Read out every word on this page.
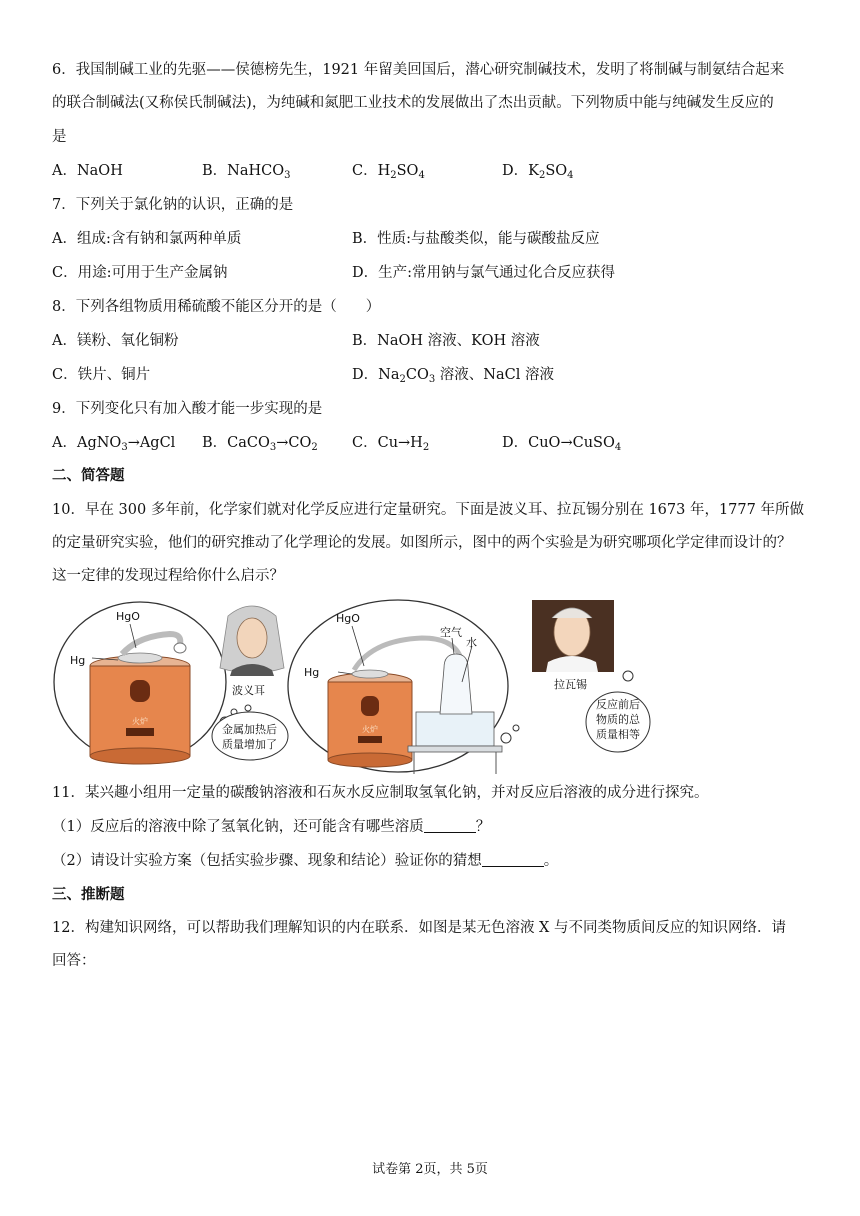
6．我国制碱工业的先驱——侯德榜先生，1921 年留美回国后，潜心研究制碱技术，发明了将制碱与制氨结合起来
的联合制碱法(又称侯氏制碱法)，为纯碱和氮肥工业技术的发展做出了杰出贡献。下列物质中能与纯碱发生反应的
是
A．NaOH	B．NaHCO$_3$	C．$H_2SO_4$	D．$K_2SO_4$
7．下列关于氯化钠的认识，正确的是
A．组成:含有钠和氯两种单质	B．性质:与盐酸类似，能与碳酸盐反应
C．用途:可用于生产金属钠	D．生产:常用钠与氯气通过化合反应获得
8．下列各组物质用稀硫酸不能区分开的是（　　）
A．镁粉、氧化铜粉	B．NaOH 溶液、KOH 溶液
C．铁片、铜片	D．$Na_2CO_3$ 溶液、NaCl 溶液
9．下列变化只有加入酸才能一步实现的是
A．AgNO$_3$→AgCl B．$CaCO_3\to CO_2$ C．$Cu\to H_2$	D．CuO→CuSO$_4$
二、简答题
10．早在 300 多年前，化学家们就对化学反应进行定量研究。下面是波义耳、拉瓦锡分别在 1673 年，1777 年所做
的定量研究实验，他们的研究推动了化学理论的发展。如图所示，图中的两个实验是为研究哪项化学定律而设计的？
这一定律的发现过程给你什么启示？
HgO
Hg
火炉
波义耳
金属加热后
质量增加了
HgO
Hg
空气
水
火炉
拉瓦锡
反应前后
物质的总
质量相等
11．某兴趣小组用一定量的碳酸钠溶液和石灰水反应制取氢氧化钠，并对反应后溶液的成分进行探究。
（1）反应后的溶液中除了氢氧化钠，还可能含有哪些溶质	？
（2）请设计实验方案（包括实验步骤、现象和结论）验证你的猜想	。
三、推断题
12．构建知识网络，可以帮助我们理解知识的内在联系．如图是某无色溶液 X 与不同类物质间反应的知识网络．请
回答：
试卷第 2页，共 5页
